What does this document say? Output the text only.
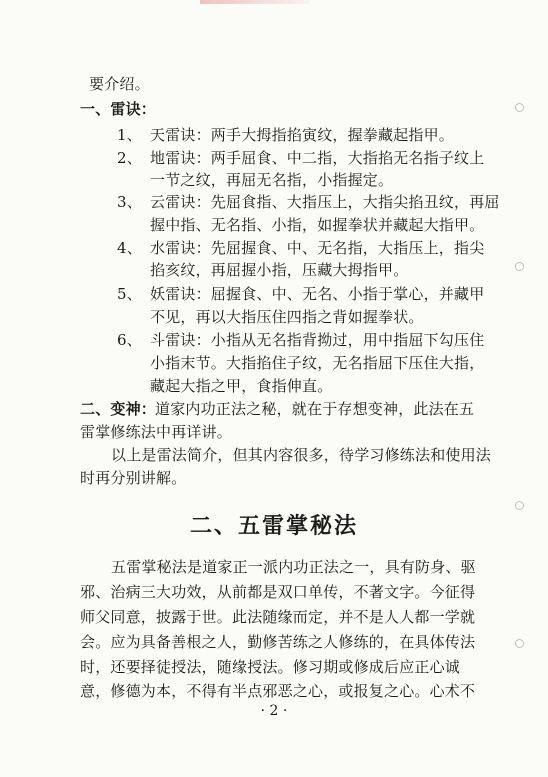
要介绍。
一、雷诀：
1、 天雷诀：两手大拇指掐寅纹，握拳藏起指甲。
2、 地雷诀：两手屈食、中二指，大指掐无名指子纹上
一节之纹，再屈无名指，小指握定。
3、 云雷诀：先屈食指、大指压上，大指尖掐丑纹，再屈
握中指、无名指、小指，如握拳状并藏起大指甲。
4、 水雷诀：先屈握食、中、无名指，大指压上，指尖
掐亥纹，再屈握小指，压藏大拇指甲。
5、 妖雷诀：屈握食、中、无名、小指于掌心，并藏甲
不见，再以大指压住四指之背如握拳状。
6、 斗雷诀：小指从无名指背拗过，用中指屈下勾压住
小指末节。大指掐住子纹，无名指屈下压住大指，
藏起大指之甲，食指伸直。
二、变神：
道家内功正法之秘，就在于存想变神，此法在五
雷掌修练法中再详讲。
以上是雷法简介，但其内容很多，待学习修练法和使用法
时再分别讲解。
二、五雷掌秘法
五雷掌秘法是道家正一派内功正法之一，具有防身、驱
邪、治病三大功效，从前都是双口单传，不著文字。今征得
师父同意，披露于世。此法随缘而定，并不是人人都一学就
会。应为具备善根之人，勤修苦练之人修练的，在具体传法
时，还要择徒授法，随缘授法。修习期或修成后应正心诚
意，修德为本，不得有半点邪恶之心，或报复之心。心术不
· 2 ·
